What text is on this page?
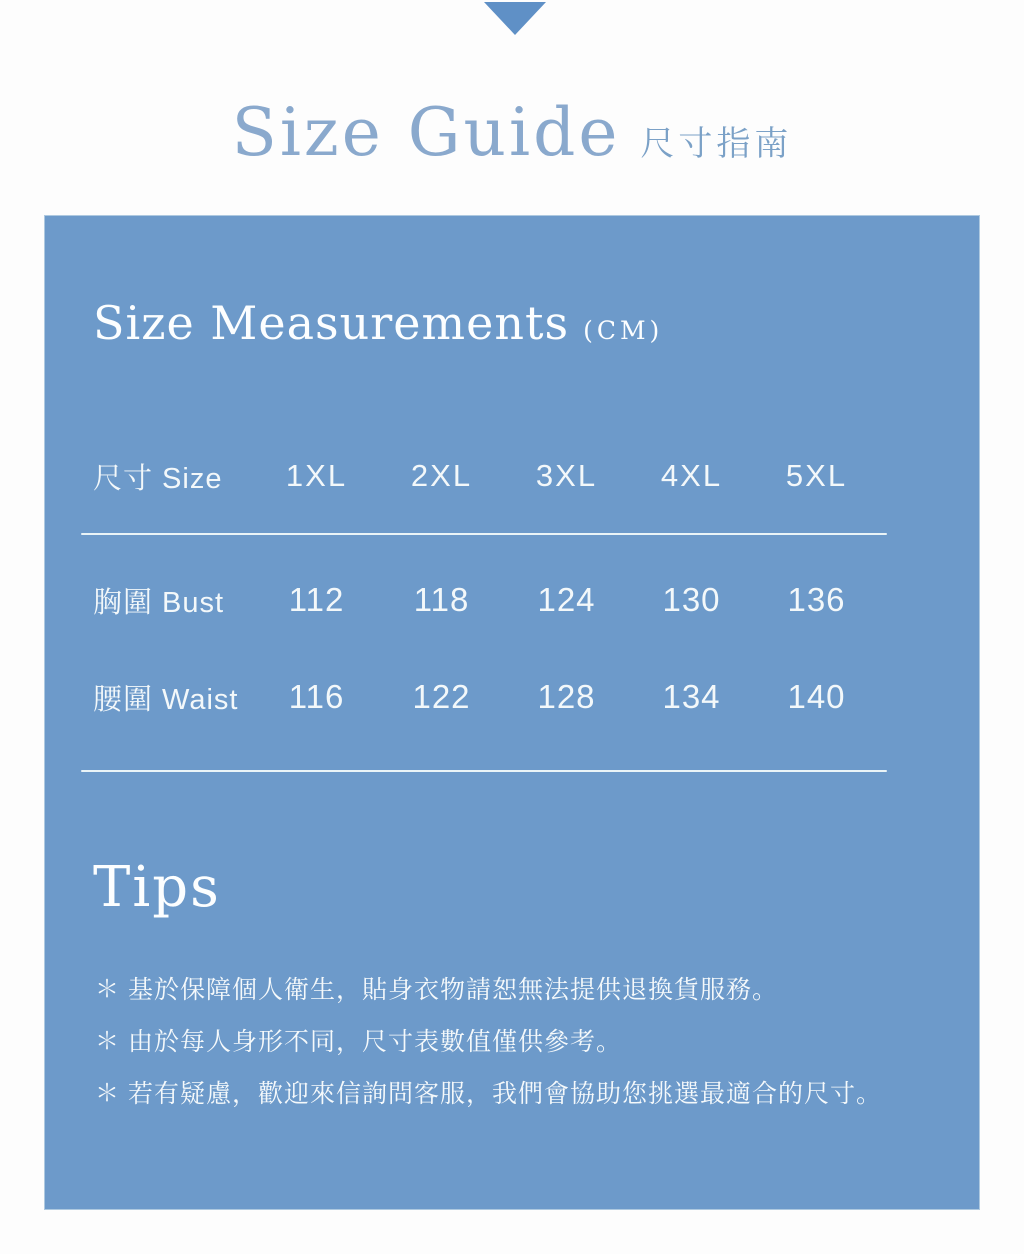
Size Guide 尺寸指南
Size Measurements (CM)
尺寸 Size	1XL	2XL	3XL	4XL	5XL
胸圍 Bust	112	118	124	130	136
腰圍 Waist	116	122	128	134	140
Tips
＊ 基於保障個人衛生，貼身衣物請恕無法提供退換貨服務。
＊ 由於每人身形不同，尺寸表數值僅供參考。
＊ 若有疑慮，歡迎來信詢問客服，我們會協助您挑選最適合的尺寸。
